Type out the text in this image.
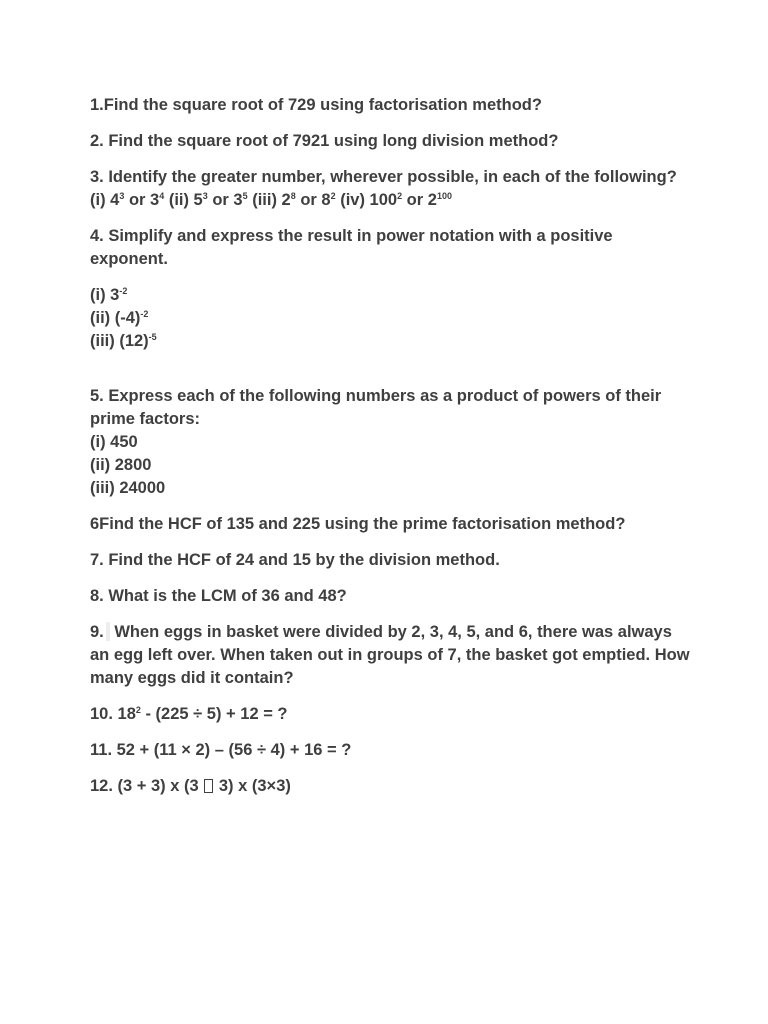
1.Find the square root of 729 using factorisation method?
2. Find the square root of 7921 using long division method?
3. Identify the greater number, wherever possible, in each of the following?
(i) $4^3$ or $3^4$ (ii) $5^3$ or $3^5$ (iii) $2^8$ or $8^2$ (iv) $100^2$ or $2^{100}$
4. Simplify and express the result in power notation with a positive exponent.
(i) $3^{-2}$
(ii) $(-4)^{-2}$
(iii) $(12)^{-5}$
5. Express each of the following numbers as a product of powers of their prime factors:
(i) 450
(ii) 2800
(iii) 24000
6Find the HCF of 135 and 225 using the prime factorisation method?
7. Find the HCF of 24 and 15 by the division method.
8. What is the LCM of 36 and 48?
9. When eggs in basket were divided by 2, 3, 4, 5, and 6, there was always an egg left over. When taken out in groups of 7, the basket got emptied. How many eggs did it contain?
10. $18^2 - (225 \div 5) + 12$ = ?
11. 52 + (11 × 2) – (56 ÷ 4) + 16 = ?
12. (3 + 3) x (3  3) x (3×3)
